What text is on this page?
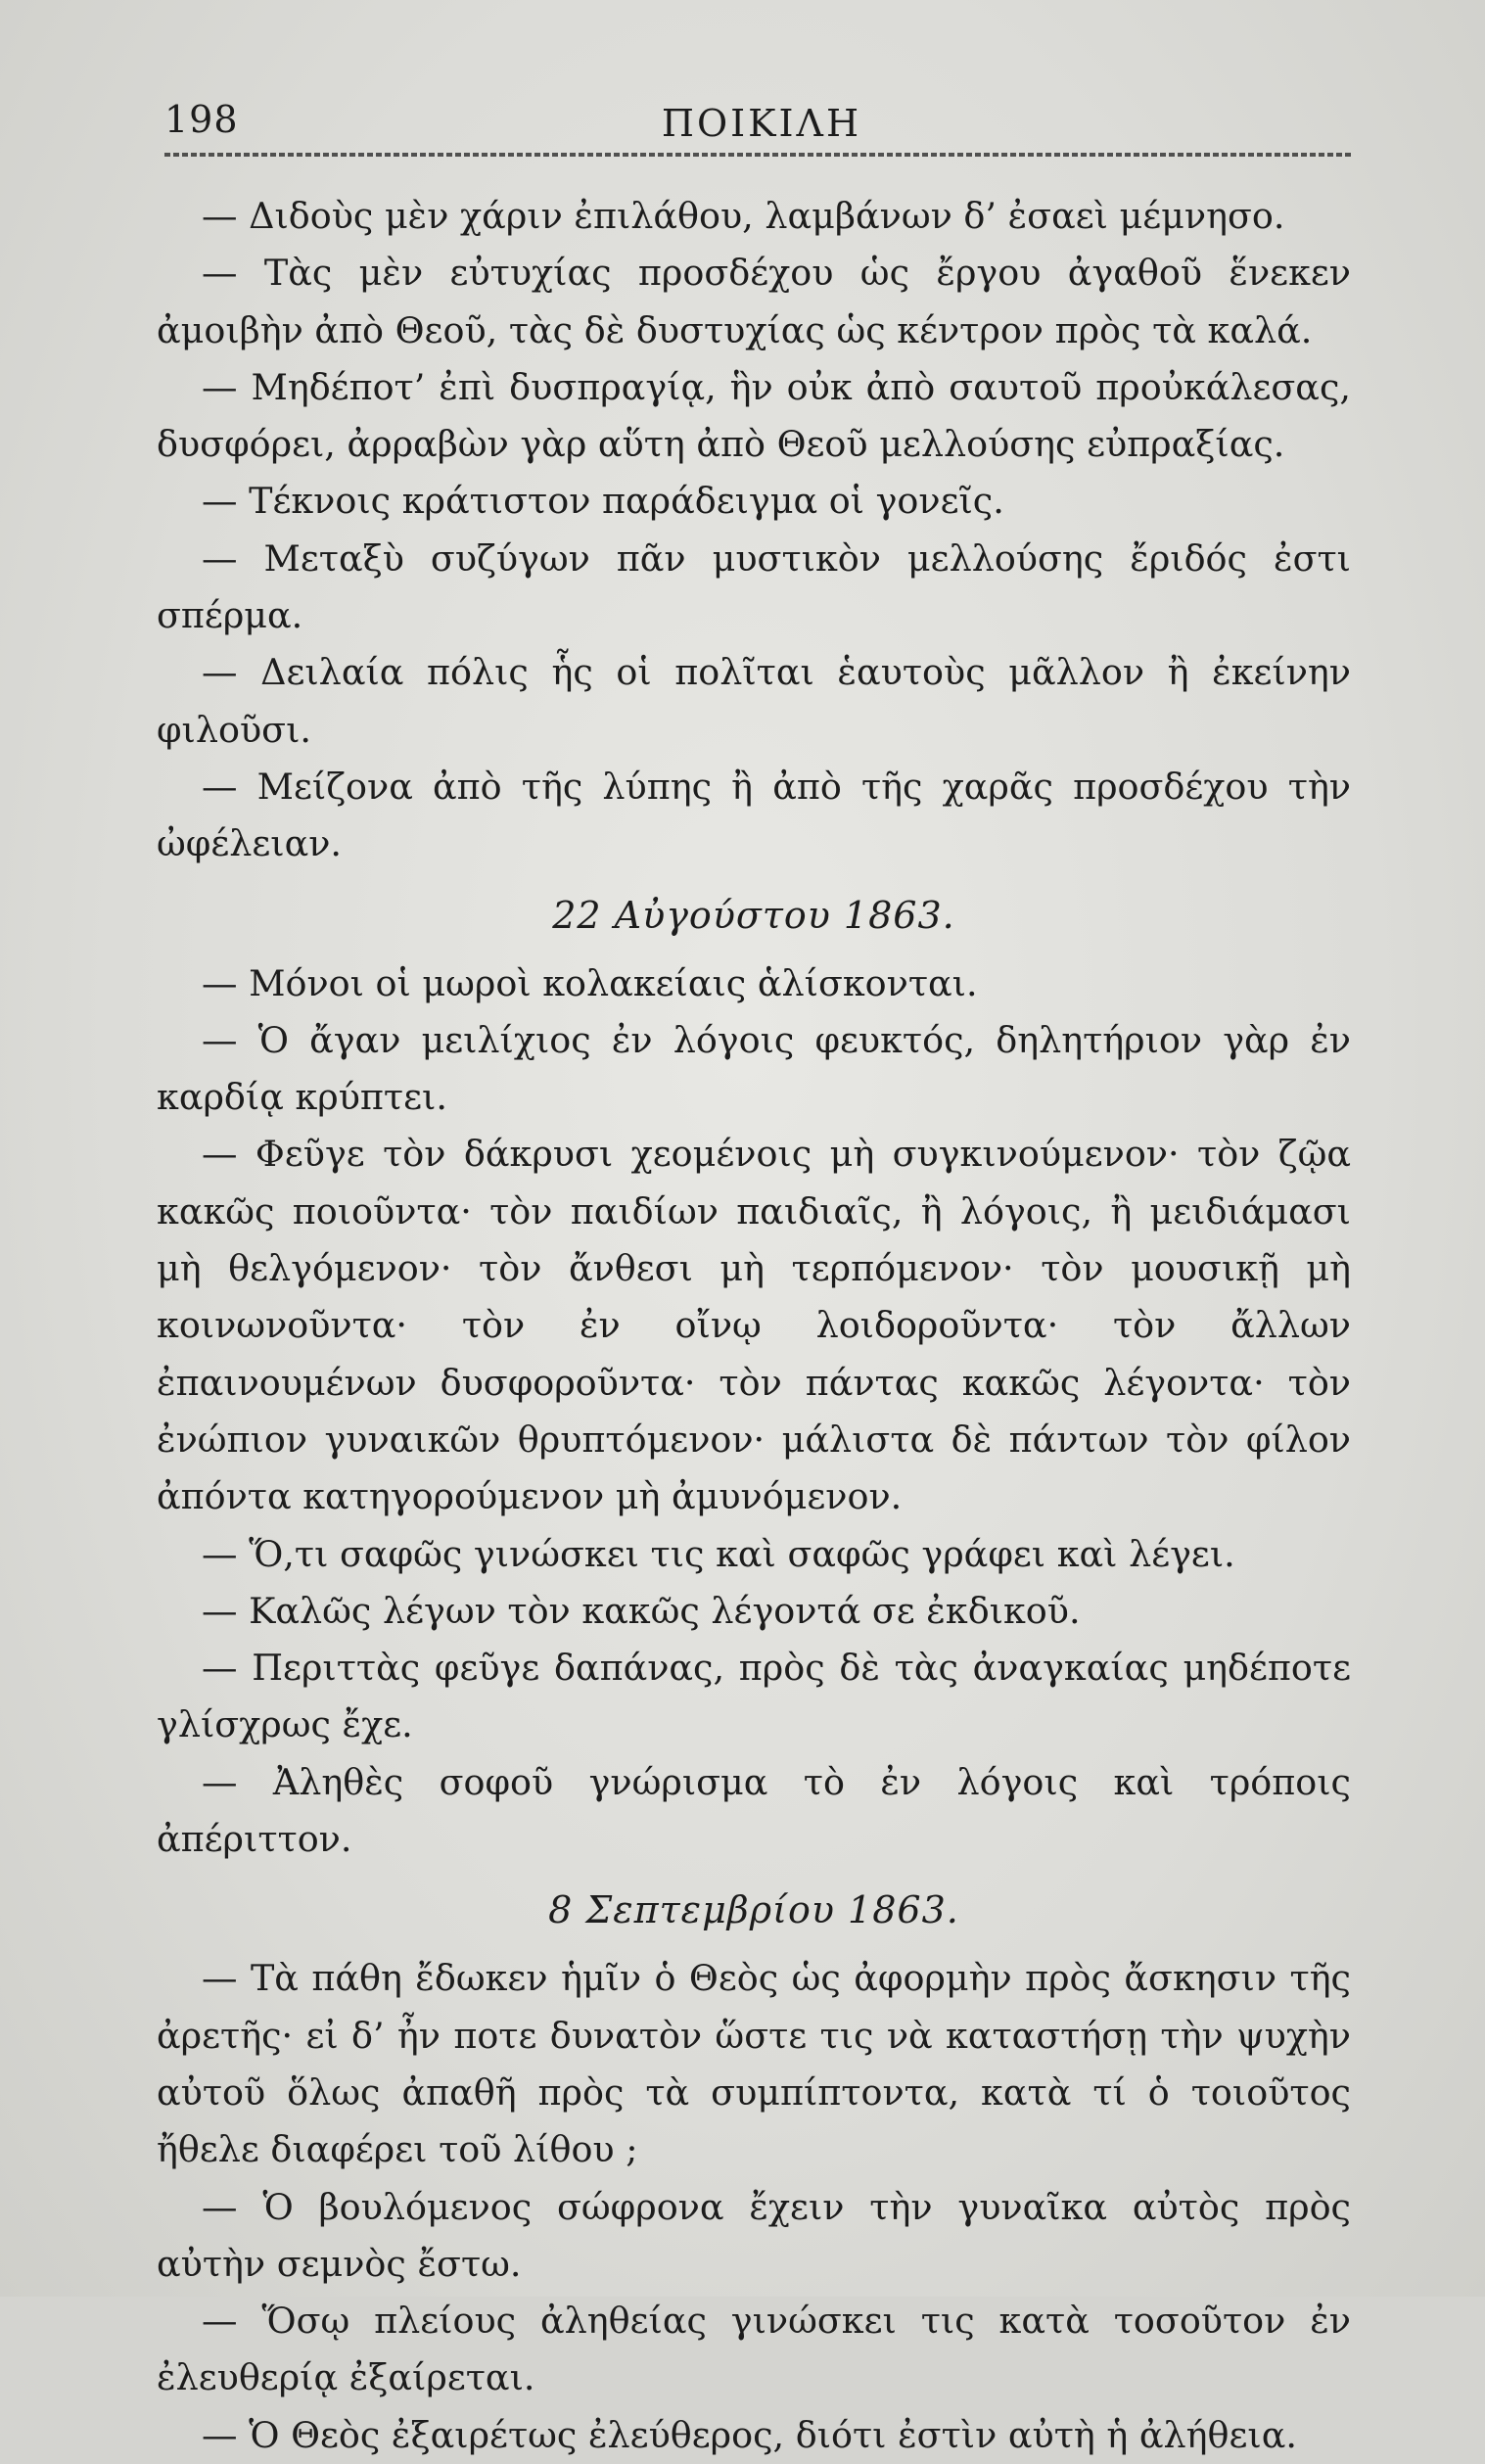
198	ΠΟΙΚΙΛΗ

— Διδοὺς μὲν χάριν ἐπιλάθου, λαμβάνων δ’ ἐσαεὶ μέμνησο.

— Τὰς μὲν εὐτυχίας προσδέχου ὡς ἔργου ἀγαθοῦ ἕνεκεν ἀμοιβὴν ἀπὸ Θεοῦ, τὰς δὲ δυστυχίας ὡς κέντρον πρὸς τὰ καλά.

— Μηδέποτ’ ἐπὶ δυσπραγίᾳ, ἣν οὐκ ἀπὸ σαυτοῦ προὐκάλεσας, δυσφόρει, ἀρραβὼν γὰρ αὕτη ἀπὸ Θεοῦ μελλούσης εὐπραξίας.

— Τέκνοις κράτιστον παράδειγμα οἱ γονεῖς.

— Μεταξὺ συζύγων πᾶν μυστικὸν μελλούσης ἔριδός ἐστι σπέρμα.

— Δειλαία πόλις ἧς οἱ πολῖται ἑαυτοὺς μᾶλλον ἢ ἐκείνην φιλοῦσι.

— Μείζονα ἀπὸ τῆς λύπης ἢ ἀπὸ τῆς χαρᾶς προσδέχου τὴν ὠφέλειαν.

22 Αὐγούστου 1863.

— Μόνοι οἱ μωροὶ κολακείαις ἁλίσκονται.

— Ὁ ἄγαν μειλίχιος ἐν λόγοις φευκτός, δηλητήριον γὰρ ἐν καρδίᾳ κρύπτει.

— Φεῦγε τὸν δάκρυσι χεομένοις μὴ συγκινούμενον· τὸν ζῷα κακῶς ποιοῦντα· τὸν παιδίων παιδιαῖς, ἢ λόγοις, ἢ μειδιάμασι μὴ θελγόμενον· τὸν ἄνθεσι μὴ τερπόμενον· τὸν μουσικῇ μὴ κοινωνοῦντα· τὸν ἐν οἴνῳ λοιδοροῦντα· τὸν ἄλλων ἐπαινουμένων δυσφοροῦντα· τὸν πάντας κακῶς λέγοντα· τὸν ἐνώπιον γυναικῶν θρυπτόμενον· μάλιστα δὲ πάντων τὸν φίλον ἀπόντα κατηγορούμενον μὴ ἀμυνόμενον.

— Ὅ,τι σαφῶς γινώσκει τις καὶ σαφῶς γράφει καὶ λέγει.

— Καλῶς λέγων τὸν κακῶς λέγοντά σε ἐκδικοῦ.

— Περιττὰς φεῦγε δαπάνας, πρὸς δὲ τὰς ἀναγκαίας μηδέποτε γλίσχρως ἔχε.

— Ἀληθὲς σοφοῦ γνώρισμα τὸ ἐν λόγοις καὶ τρόποις ἀπέριττον.

8 Σεπτεμβρίου 1863.

— Τὰ πάθη ἔδωκεν ἡμῖν ὁ Θεὸς ὡς ἀφορμὴν πρὸς ἄσκησιν τῆς ἀρετῆς· εἰ δ’ ἦν ποτε δυνατὸν ὥστε τις νὰ καταστήσῃ τὴν ψυχὴν αὐτοῦ ὅλως ἀπαθῆ πρὸς τὰ συμπίπτοντα, κατὰ τί ὁ τοιοῦτος ἤθελε διαφέρει τοῦ λίθου ;

— Ὁ βουλόμενος σώφρονα ἔχειν τὴν γυναῖκα αὐτὸς πρὸς αὐτὴν σεμνὸς ἔστω.

— Ὅσῳ πλείους ἀληθείας γινώσκει τις κατὰ τοσοῦτον ἐν ἐλευθερίᾳ ἐξαίρεται.

— Ὁ Θεὸς ἐξαιρέτως ἐλεύθερος, διότι ἐστὶν αὐτὴ ἡ ἀλήθεια.
